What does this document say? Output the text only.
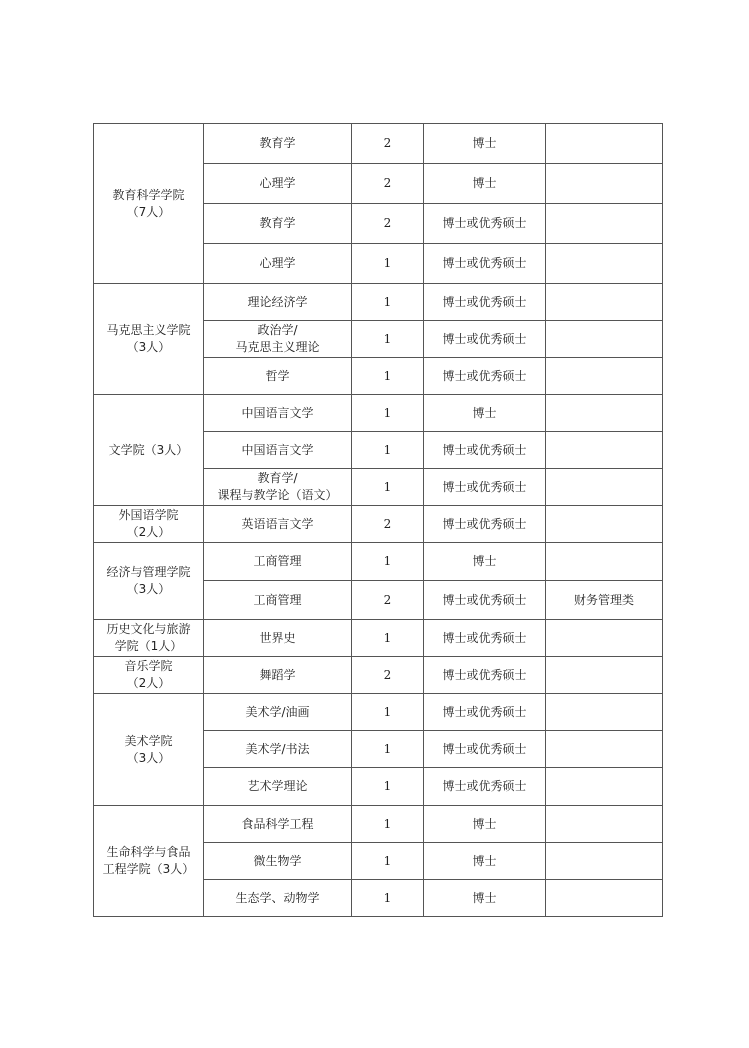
教育科学学院
（7人）	教育学	2	博士	

	心理学	2	博士	

	教育学	2	博士或优秀硕士	

	心理学	1	博士或优秀硕士	

马克思主义学院
（3人）	理论经济学	1	博士或优秀硕士	

	政治学/
马克思主义理论	1	博士或优秀硕士	

	哲学	1	博士或优秀硕士	

文学院（3人）	中国语言文学	1	博士	

	中国语言文学	1	博士或优秀硕士	

	教育学/
课程与教学论（语文）	1	博士或优秀硕士	

外国语学院
（2人）	英语语言文学	2	博士或优秀硕士	

经济与管理学院
（3人）	工商管理	1	博士	

	工商管理	2	博士或优秀硕士	财务管理类

历史文化与旅游
学院（1人）	世界史	1	博士或优秀硕士	

音乐学院
（2人）	舞蹈学	2	博士或优秀硕士	

美术学院
（3人）	美术学/油画	1	博士或优秀硕士	

	美术学/书法	1	博士或优秀硕士	

	艺术学理论	1	博士或优秀硕士	

生命科学与食品
工程学院（3人）	食品科学工程	1	博士	

	微生物学	1	博士	

	生态学、动物学	1	博士	
